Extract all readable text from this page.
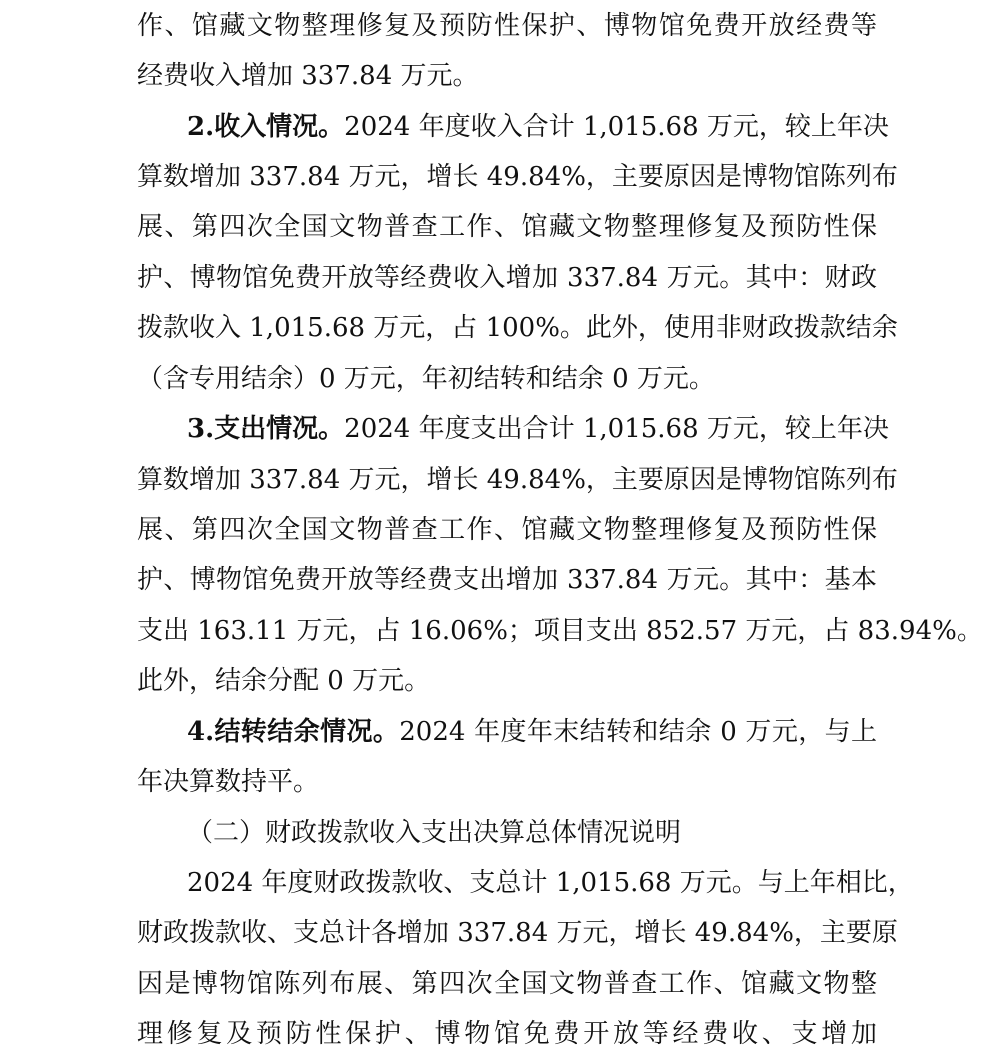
作、馆藏文物整理修复及预防性保护、博物馆免费开放经费等
经费收入增加 337.84 万元。
2.收入情况。2024 年度收入合计 1,015.68 万元，较上年决
算数增加 337.84 万元，增长 49.84%，主要原因是博物馆陈列布
展、第四次全国文物普查工作、馆藏文物整理修复及预防性保
护、博物馆免费开放等经费收入增加 337.84 万元。其中：财政
拨款收入 1,015.68 万元，占 100%。此外，使用非财政拨款结余
（含专用结余）0 万元，年初结转和结余 0 万元。
3.支出情况。2024 年度支出合计 1,015.68 万元，较上年决
算数增加 337.84 万元，增长 49.84%，主要原因是博物馆陈列布
展、第四次全国文物普查工作、馆藏文物整理修复及预防性保
护、博物馆免费开放等经费支出增加 337.84 万元。其中：基本
支出 163.11 万元，占 16.06%；项目支出 852.57 万元，占 83.94%。
此外，结余分配 0 万元。
4.结转结余情况。2024 年度年末结转和结余 0 万元，与上
年决算数持平。
（二）财政拨款收入支出决算总体情况说明
2024 年度财政拨款收、支总计 1,015.68 万元。与上年相比，
财政拨款收、支总计各增加 337.84 万元，增长 49.84%，主要原
因是博物馆陈列布展、第四次全国文物普查工作、馆藏文物整
理修复及预防性保护、博物馆免费开放等经费收、支增加
